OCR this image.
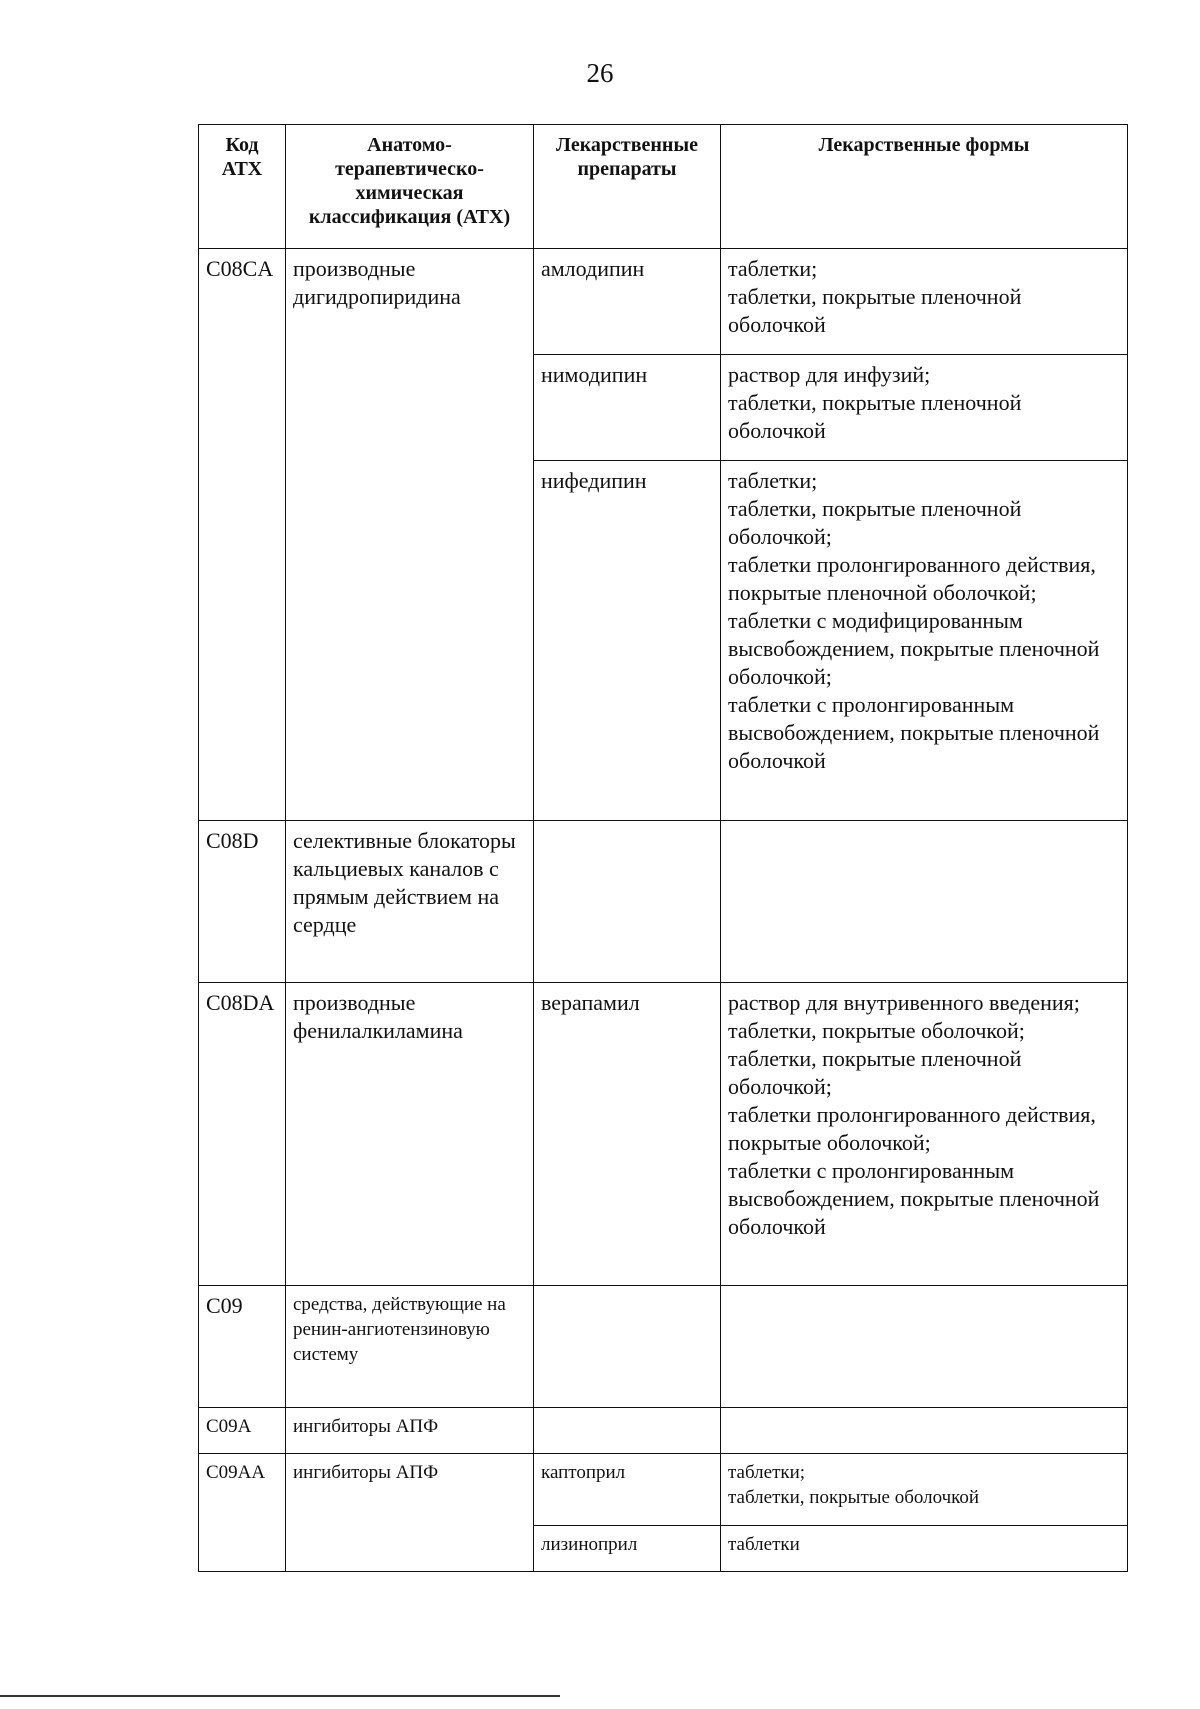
26
Код АТХ	Анатомо-терапевтическо-химическая классификация (АТХ)	Лекарственные препараты	Лекарственные формы
C08CA	производные дигидропиридина	амлодипин	таблетки;
таблетки, покрытые пленочной оболочкой

		нимодипин	раствор для инфузий;
таблетки, покрытые пленочной оболочкой

		нифедипин	таблетки;
таблетки, покрытые пленочной оболочкой;
таблетки пролонгированного действия, покрытые пленочной оболочкой;
таблетки с модифицированным высвобождением, покрытые пленочной оболочкой;
таблетки с пролонгированным высвобождением, покрытые пленочной оболочкой

C08D	селективные блокаторы кальциевых каналов с прямым действием на сердце		
C08DA	производные фенилалкиламина	верапамил	раствор для внутривенного введения;
таблетки, покрытые оболочкой;
таблетки, покрытые пленочной оболочкой;
таблетки пролонгированного действия, покрытые оболочкой;
таблетки с пролонгированным высвобождением, покрытые пленочной оболочкой

C09	средства, действующие на ренин-ангиотензиновую систему		
C09A	ингибиторы АПФ		
C09AA	ингибиторы АПФ	каптоприл	таблетки;
таблетки, покрытые оболочкой

		лизиноприл	таблетки
